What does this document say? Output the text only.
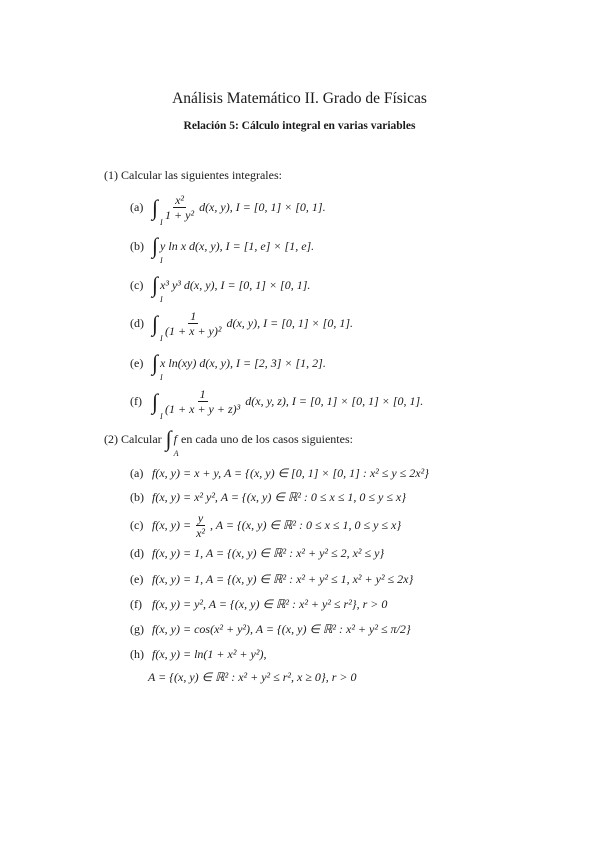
Análisis Matemático II. Grado de Físicas
Relación 5: Cálculo integral en varias variables
(1) Calcular las siguientes integrales:
(a) ∫
I $\frac{\text{x²}}{\text{1 + y²}} d(x$, y), I = [0, 1] × [0, 1].
(b) ∫
I
y ln x d(x, y), I = [1, e] × [1, e].
(c) ∫
I
x³ y³ d(x, y), I = [0, 1] × [0, 1].
(d) ∫
I $\frac{1}{\text{(1 + x + y)²}} d(x$, y), I = [0, 1] × [0, 1].
(e) ∫
I
x ln(xy) d(x, y), I = [2, 3] × [1, 2].
(f) ∫
I $\frac{1}{\text{(1 + x + y + z)³}} d(x$, y, z), I = [0, 1] × [0, 1] × [0, 1].
(2) Calcular ∫
A
f en cada uno de los casos siguientes:
(a) f(x, y) = x + y, A = {(x, y) ∈ [0, 1] × [0, 1] : x² ≤ y ≤ 2x²}
(b) f(x, y) = x² y², A = {(x, y) ∈ ℝ² : 0 ≤ x ≤ 1, 0 ≤ y ≤ x}
(c) f(x, $y) = \frac{y}{\text{x²}}$ , A = {(x, y) ∈ ℝ² : 0 ≤ x ≤ 1, 0 ≤ y ≤ x}
(d) f(x, y) = 1, A = {(x, y) ∈ ℝ² : x² + y² ≤ 2, x² ≤ y}
(e) f(x, y) = 1, A = {(x, y) ∈ ℝ² : x² + y² ≤ 1, x² + y² ≤ 2x}
(f) f(x, y) = y², A = {(x, y) ∈ ℝ² : x² + y² ≤ r²}, r > 0
(g) f(x, y) = cos(x² + y²), A = {(x, y) ∈ ℝ² : x² + y² ≤ π/2}
(h) f(x, y) = ln(1 + x² + y²),
A = {(x, y) ∈ ℝ² : x² + y² ≤ r², x ≥ 0}, r > 0
